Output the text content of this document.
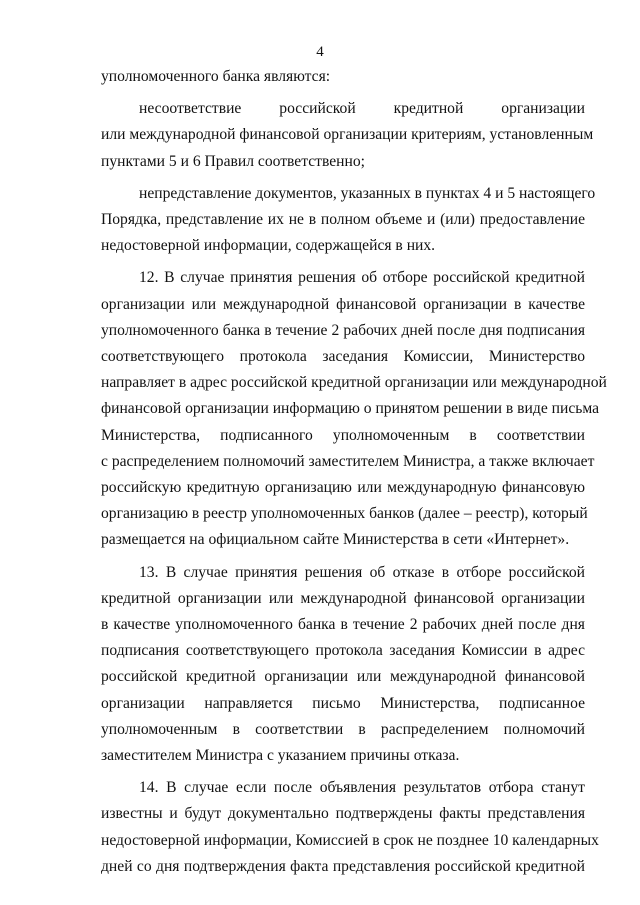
4
уполномоченного банка являются:
несоответствие российской кредитной организации
или международной финансовой организации критериям, установленным
пунктами 5 и 6 Правил соответственно;
непредставление документов, указанных в пунктах 4 и 5 настоящего
Порядка, представление их не в полном объеме и (или) предоставление
недостоверной информации, содержащейся в них.
12. В случае принятия решения об отборе российской кредитной
организации или международной финансовой организации в качестве
уполномоченного банка в течение 2 рабочих дней после дня подписания
соответствующего протокола заседания Комиссии, Министерство
направляет в адрес российской кредитной организации или международной
финансовой организации информацию о принятом решении в виде письма
Министерства, подписанного уполномоченным в соответствии
с распределением полномочий заместителем Министра, а также включает
российскую кредитную организацию или международную финансовую
организацию в реестр уполномоченных банков (далее – реестр), который
размещается на официальном сайте Министерства в сети «Интернет».
13. В случае принятия решения об отказе в отборе российской
кредитной организации или международной финансовой организации
в качестве уполномоченного банка в течение 2 рабочих дней после дня
подписания соответствующего протокола заседания Комиссии в адрес
российской кредитной организации или международной финансовой
организации направляется письмо Министерства, подписанное
уполномоченным в соответствии в распределением полномочий
заместителем Министра с указанием причины отказа.
14. В случае если после объявления результатов отбора станут
известны и будут документально подтверждены факты представления
недостоверной информации, Комиссией в срок не позднее 10 календарных
дней со дня подтверждения факта представления российской кредитной
